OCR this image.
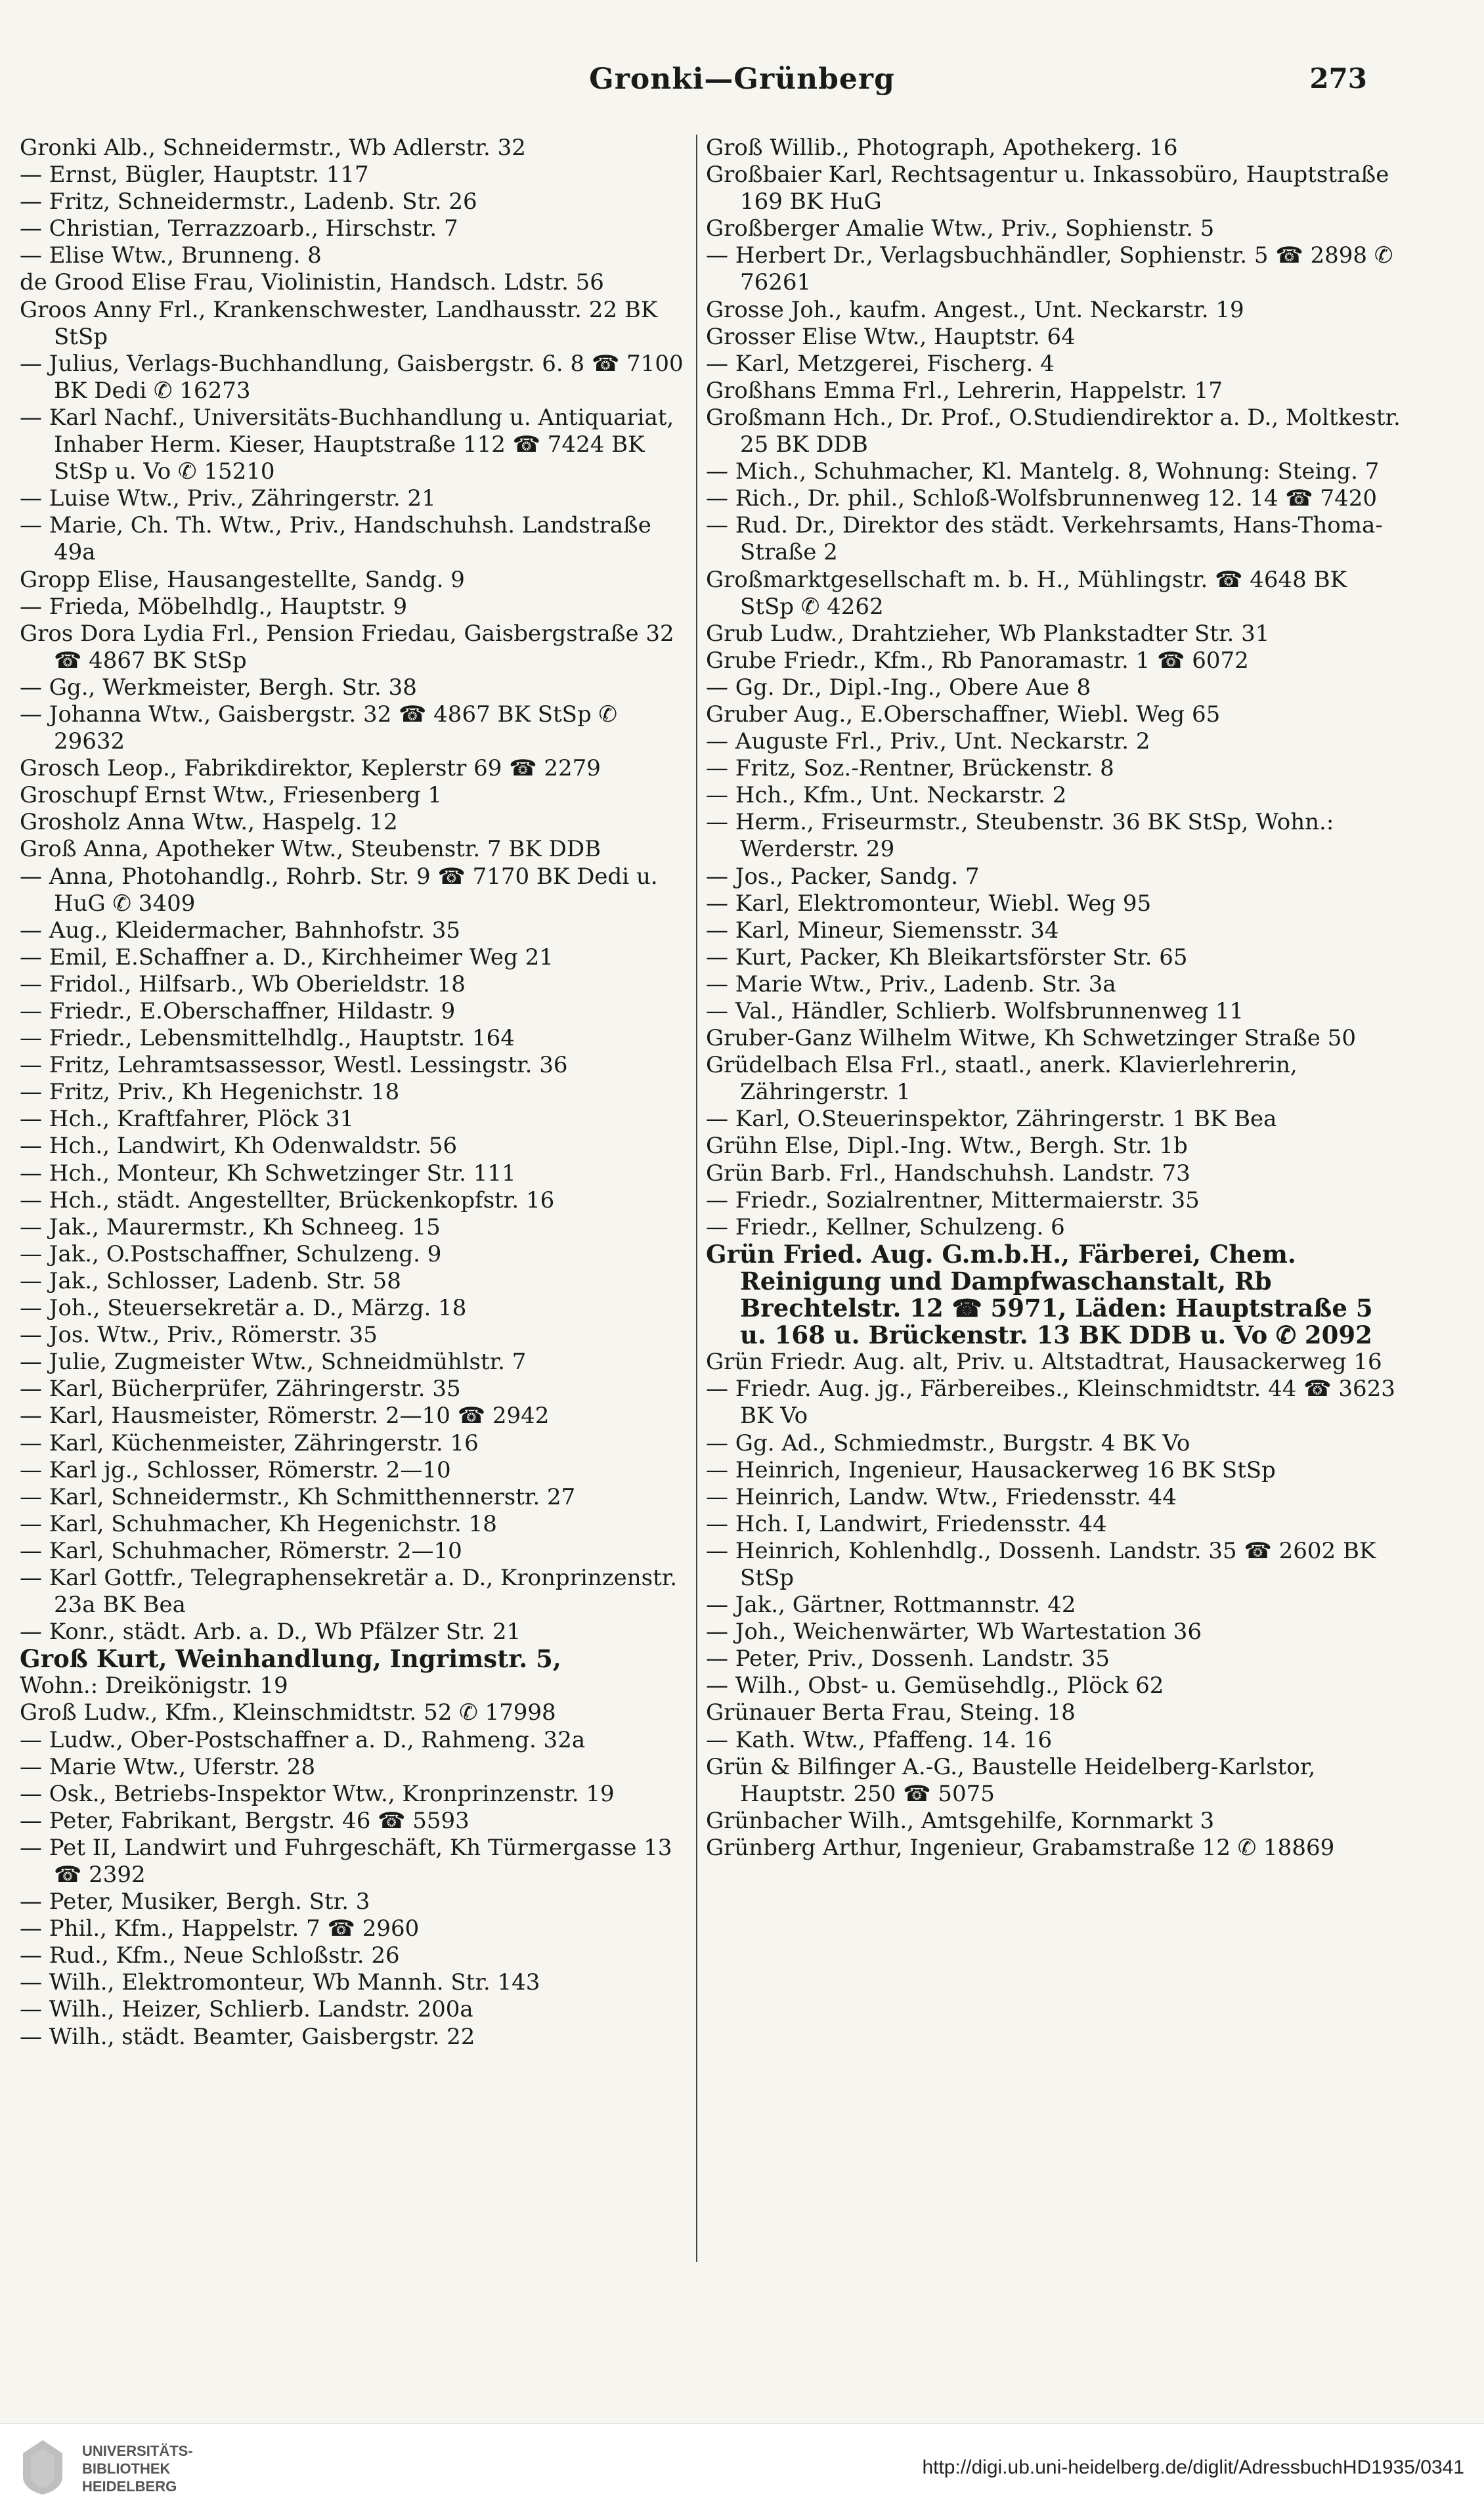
Gronki—Grünberg	273
Gronki Alb., Schneidermstr., Wb Adlerstr. 32
— Ernst, Bügler, Hauptstr. 117
— Fritz, Schneidermstr., Ladenb. Str. 26
— Christian, Terrazzoarb., Hirschstr. 7
— Elise Wtw., Brunneng. 8
de Grood Elise Frau, Violinistin, Handsch. Ldstr. 56
Groos Anny Frl., Krankenschwester, Landhausstr. 22 BK StSp
— Julius, Verlags-Buchhandlung, Gaisbergstr. 6. 8 ☎ 7100 BK Dedi ✆ 16273
— Karl Nachf., Universitäts-Buchhandlung u. Antiquariat, Inhaber Herm. Kieser, Hauptstraße 112 ☎ 7424 BK StSp u. Vo ✆ 15210
— Luise Wtw., Priv., Zähringerstr. 21
— Marie, Ch. Th. Wtw., Priv., Handschuhsh. Landstraße 49a
Gropp Elise, Hausangestellte, Sandg. 9
— Frieda, Möbelhdlg., Hauptstr. 9
Gros Dora Lydia Frl., Pension Friedau, Gaisbergstraße 32 ☎ 4867 BK StSp
— Gg., Werkmeister, Bergh. Str. 38
— Johanna Wtw., Gaisbergstr. 32 ☎ 4867 BK StSp ✆ 29632
Grosch Leop., Fabrikdirektor, Keplerstr 69 ☎ 2279
Groschupf Ernst Wtw., Friesenberg 1
Grosholz Anna Wtw., Haspelg. 12
Groß Anna, Apotheker Wtw., Steubenstr. 7 BK DDB
— Anna, Photohandlg., Rohrb. Str. 9 ☎ 7170 BK Dedi u. HuG ✆ 3409
— Aug., Kleidermacher, Bahnhofstr. 35
— Emil, E.Schaffner a. D., Kirchheimer Weg 21
— Fridol., Hilfsarb., Wb Oberieldstr. 18
— Friedr., E.Oberschaffner, Hildastr. 9
— Friedr., Lebensmittelhdlg., Hauptstr. 164
— Fritz, Lehramtsassessor, Westl. Lessingstr. 36
— Fritz, Priv., Kh Hegenichstr. 18
— Hch., Kraftfahrer, Plöck 31
— Hch., Landwirt, Kh Odenwaldstr. 56
— Hch., Monteur, Kh Schwetzinger Str. 111
— Hch., städt. Angestellter, Brückenkopfstr. 16
— Jak., Maurermstr., Kh Schneeg. 15
— Jak., O.Postschaffner, Schulzeng. 9
— Jak., Schlosser, Ladenb. Str. 58
— Joh., Steuersekretär a. D., Märzg. 18
— Jos. Wtw., Priv., Römerstr. 35
— Julie, Zugmeister Wtw., Schneidmühlstr. 7
— Karl, Bücherprüfer, Zähringerstr. 35
— Karl, Hausmeister, Römerstr. 2—10 ☎ 2942
— Karl, Küchenmeister, Zähringerstr. 16
— Karl jg., Schlosser, Römerstr. 2—10
— Karl, Schneidermstr., Kh Schmitthennerstr. 27
— Karl, Schuhmacher, Kh Hegenichstr. 18
— Karl, Schuhmacher, Römerstr. 2—10
— Karl Gottfr., Telegraphensekretär a. D., Kronprinzenstr. 23a BK Bea
— Konr., städt. Arb. a. D., Wb Pfälzer Str. 21
Groß Kurt, Weinhandlung, Ingrimstr. 5,
Wohn.: Dreikönigstr. 19
Groß Ludw., Kfm., Kleinschmidtstr. 52 ✆ 17998
— Ludw., Ober-Postschaffner a. D., Rahmeng. 32a
— Marie Wtw., Uferstr. 28
— Osk., Betriebs-Inspektor Wtw., Kronprinzenstr. 19
— Peter, Fabrikant, Bergstr. 46 ☎ 5593
— Pet II, Landwirt und Fuhrgeschäft, Kh Türmergasse 13 ☎ 2392
— Peter, Musiker, Bergh. Str. 3
— Phil., Kfm., Happelstr. 7 ☎ 2960
— Rud., Kfm., Neue Schloßstr. 26
— Wilh., Elektromonteur, Wb Mannh. Str. 143
— Wilh., Heizer, Schlierb. Landstr. 200a
— Wilh., städt. Beamter, Gaisbergstr. 22
Groß Willib., Photograph, Apothekerg. 16
Großbaier Karl, Rechtsagentur u. Inkassobüro, Hauptstraße 169 BK HuG
Großberger Amalie Wtw., Priv., Sophienstr. 5
— Herbert Dr., Verlagsbuchhändler, Sophienstr. 5 ☎ 2898 ✆ 76261
Grosse Joh., kaufm. Angest., Unt. Neckarstr. 19
Grosser Elise Wtw., Hauptstr. 64
— Karl, Metzgerei, Fischerg. 4
Großhans Emma Frl., Lehrerin, Happelstr. 17
Großmann Hch., Dr. Prof., O.Studiendirektor a. D., Moltkestr. 25 BK DDB
— Mich., Schuhmacher, Kl. Mantelg. 8, Wohnung: Steing. 7
— Rich., Dr. phil., Schloß-Wolfsbrunnenweg 12. 14 ☎ 7420
— Rud. Dr., Direktor des städt. Verkehrsamts, Hans-Thoma-Straße 2
Großmarktgesellschaft m. b. H., Mühlingstr. ☎ 4648 BK StSp ✆ 4262
Grub Ludw., Drahtzieher, Wb Plankstadter Str. 31
Grube Friedr., Kfm., Rb Panoramastr. 1 ☎ 6072
— Gg. Dr., Dipl.-Ing., Obere Aue 8
Gruber Aug., E.Oberschaffner, Wiebl. Weg 65
— Auguste Frl., Priv., Unt. Neckarstr. 2
— Fritz, Soz.-Rentner, Brückenstr. 8
— Hch., Kfm., Unt. Neckarstr. 2
— Herm., Friseurmstr., Steubenstr. 36 BK StSp, Wohn.: Werderstr. 29
— Jos., Packer, Sandg. 7
— Karl, Elektromonteur, Wiebl. Weg 95
— Karl, Mineur, Siemensstr. 34
— Kurt, Packer, Kh Bleikartsförster Str. 65
— Marie Wtw., Priv., Ladenb. Str. 3a
— Val., Händler, Schlierb. Wolfsbrunnenweg 11
Gruber-Ganz Wilhelm Witwe, Kh Schwetzinger Straße 50
Grüdelbach Elsa Frl., staatl., anerk. Klavierlehrerin, Zähringerstr. 1
— Karl, O.Steuerinspektor, Zähringerstr. 1 BK Bea
Grühn Else, Dipl.-Ing. Wtw., Bergh. Str. 1b
Grün Barb. Frl., Handschuhsh. Landstr. 73
— Friedr., Sozialrentner, Mittermaierstr. 35
— Friedr., Kellner, Schulzeng. 6
Grün Fried. Aug. G.m.b.H., Färberei, Chem. Reinigung und Dampfwaschanstalt, Rb Brechtelstr. 12 ☎ 5971, Läden: Hauptstraße 5 u. 168 u. Brückenstr. 13 BK DDB u. Vo ✆ 2092
Grün Friedr. Aug. alt, Priv. u. Altstadtrat, Hausackerweg 16
— Friedr. Aug. jg., Färbereibes., Kleinschmidtstr. 44 ☎ 3623 BK Vo
— Gg. Ad., Schmiedmstr., Burgstr. 4 BK Vo
— Heinrich, Ingenieur, Hausackerweg 16 BK StSp
— Heinrich, Landw. Wtw., Friedensstr. 44
— Hch. I, Landwirt, Friedensstr. 44
— Heinrich, Kohlenhdlg., Dossenh. Landstr. 35 ☎ 2602 BK StSp
— Jak., Gärtner, Rottmannstr. 42
— Joh., Weichenwärter, Wb Wartestation 36
— Peter, Priv., Dossenh. Landstr. 35
— Wilh., Obst- u. Gemüsehdlg., Plöck 62
Grünauer Berta Frau, Steing. 18
— Kath. Wtw., Pfaffeng. 14. 16
Grün & Bilfinger A.-G., Baustelle Heidelberg-Karlstor, Hauptstr. 250 ☎ 5075
Grünbacher Wilh., Amtsgehilfe, Kornmarkt 3
Grünberg Arthur, Ingenieur, Grabamstraße 12 ✆ 18869
UNIVERSITÄTS-
BIBLIOTHEK
HEIDELBERG
http://digi.ub.uni-heidelberg.de/diglit/AdressbuchHD1935/0341
